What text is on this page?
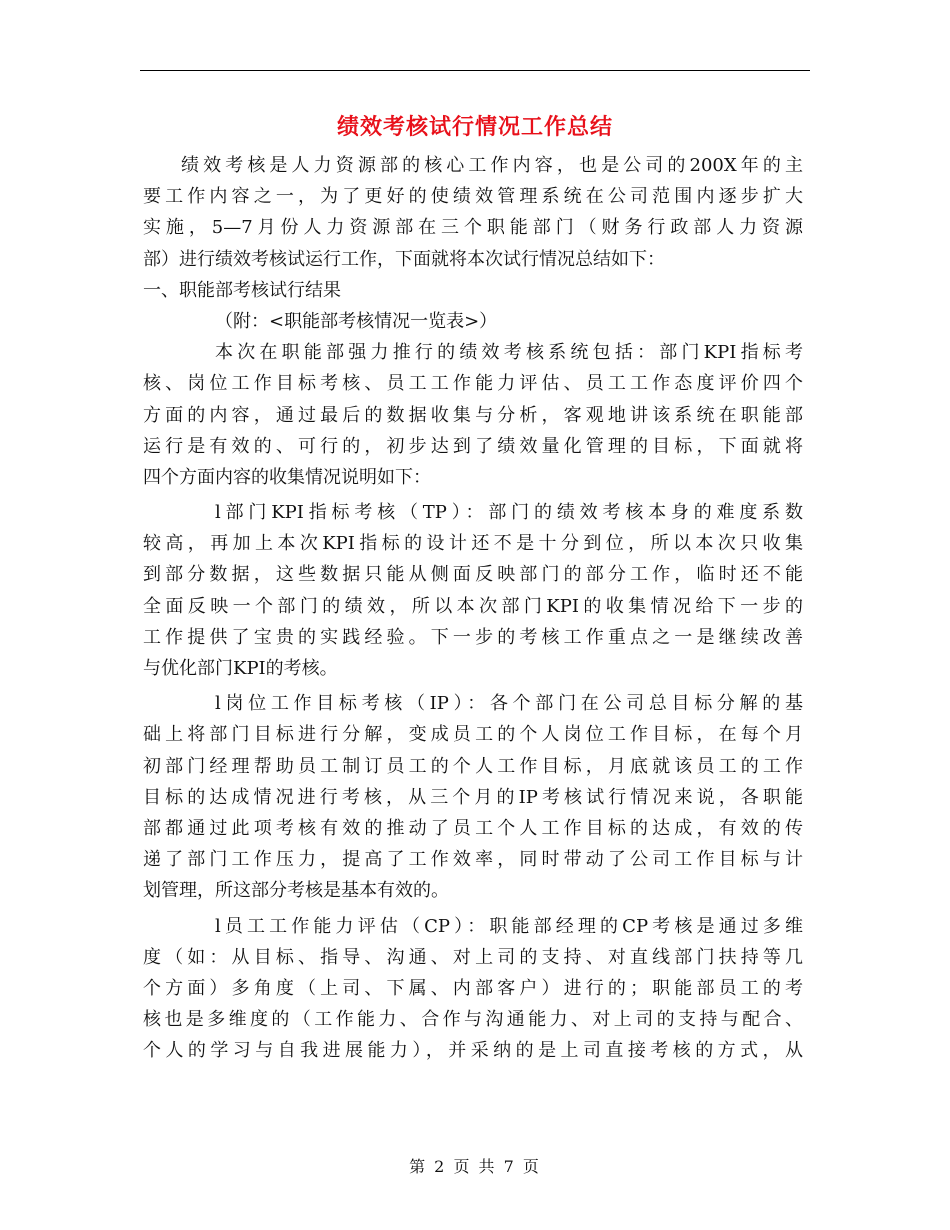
绩效考核试行情况工作总结
绩效考核是人力资源部的核心工作内容，也是公司的200X年的主
要工作内容之一，为了更好的使绩效管理系统在公司范围内逐步扩大
实施，5—7月份人力资源部在三个职能部门（财务行政部人力资源
部）进行绩效考核试运行工作，下面就将本次试行情况总结如下：
一、职能部考核试行结果
（附：<职能部考核情况一览表>）
本次在职能部强力推行的绩效考核系统包括：部门KPI指标考
核、岗位工作目标考核、员工工作能力评估、员工工作态度评价四个
方面的内容，通过最后的数据收集与分析，客观地讲该系统在职能部
运行是有效的、可行的，初步达到了绩效量化管理的目标，下面就将
四个方面内容的收集情况说明如下：
l部门KPI指标考核（TP）：部门的绩效考核本身的难度系数
较高，再加上本次KPI指标的设计还不是十分到位，所以本次只收集
到部分数据，这些数据只能从侧面反映部门的部分工作，临时还不能
全面反映一个部门的绩效，所以本次部门KPI的收集情况给下一步的
工作提供了宝贵的实践经验。下一步的考核工作重点之一是继续改善
与优化部门KPI的考核。
l岗位工作目标考核（IP）：各个部门在公司总目标分解的基
础上将部门目标进行分解，变成员工的个人岗位工作目标，在每个月
初部门经理帮助员工制订员工的个人工作目标，月底就该员工的工作
目标的达成情况进行考核，从三个月的IP考核试行情况来说，各职能
部都通过此项考核有效的推动了员工个人工作目标的达成，有效的传
递了部门工作压力，提高了工作效率，同时带动了公司工作目标与计
划管理，所这部分考核是基本有效的。
l员工工作能力评估（CP）：职能部经理的CP考核是通过多维
度（如：从目标、指导、沟通、对上司的支持、对直线部门扶持等几
个方面）多角度（上司、下属、内部客户）进行的；职能部员工的考
核也是多维度的（工作能力、合作与沟通能力、对上司的支持与配合、
个人的学习与自我进展能力），并采纳的是上司直接考核的方式，从
第 2 页 共 7 页
